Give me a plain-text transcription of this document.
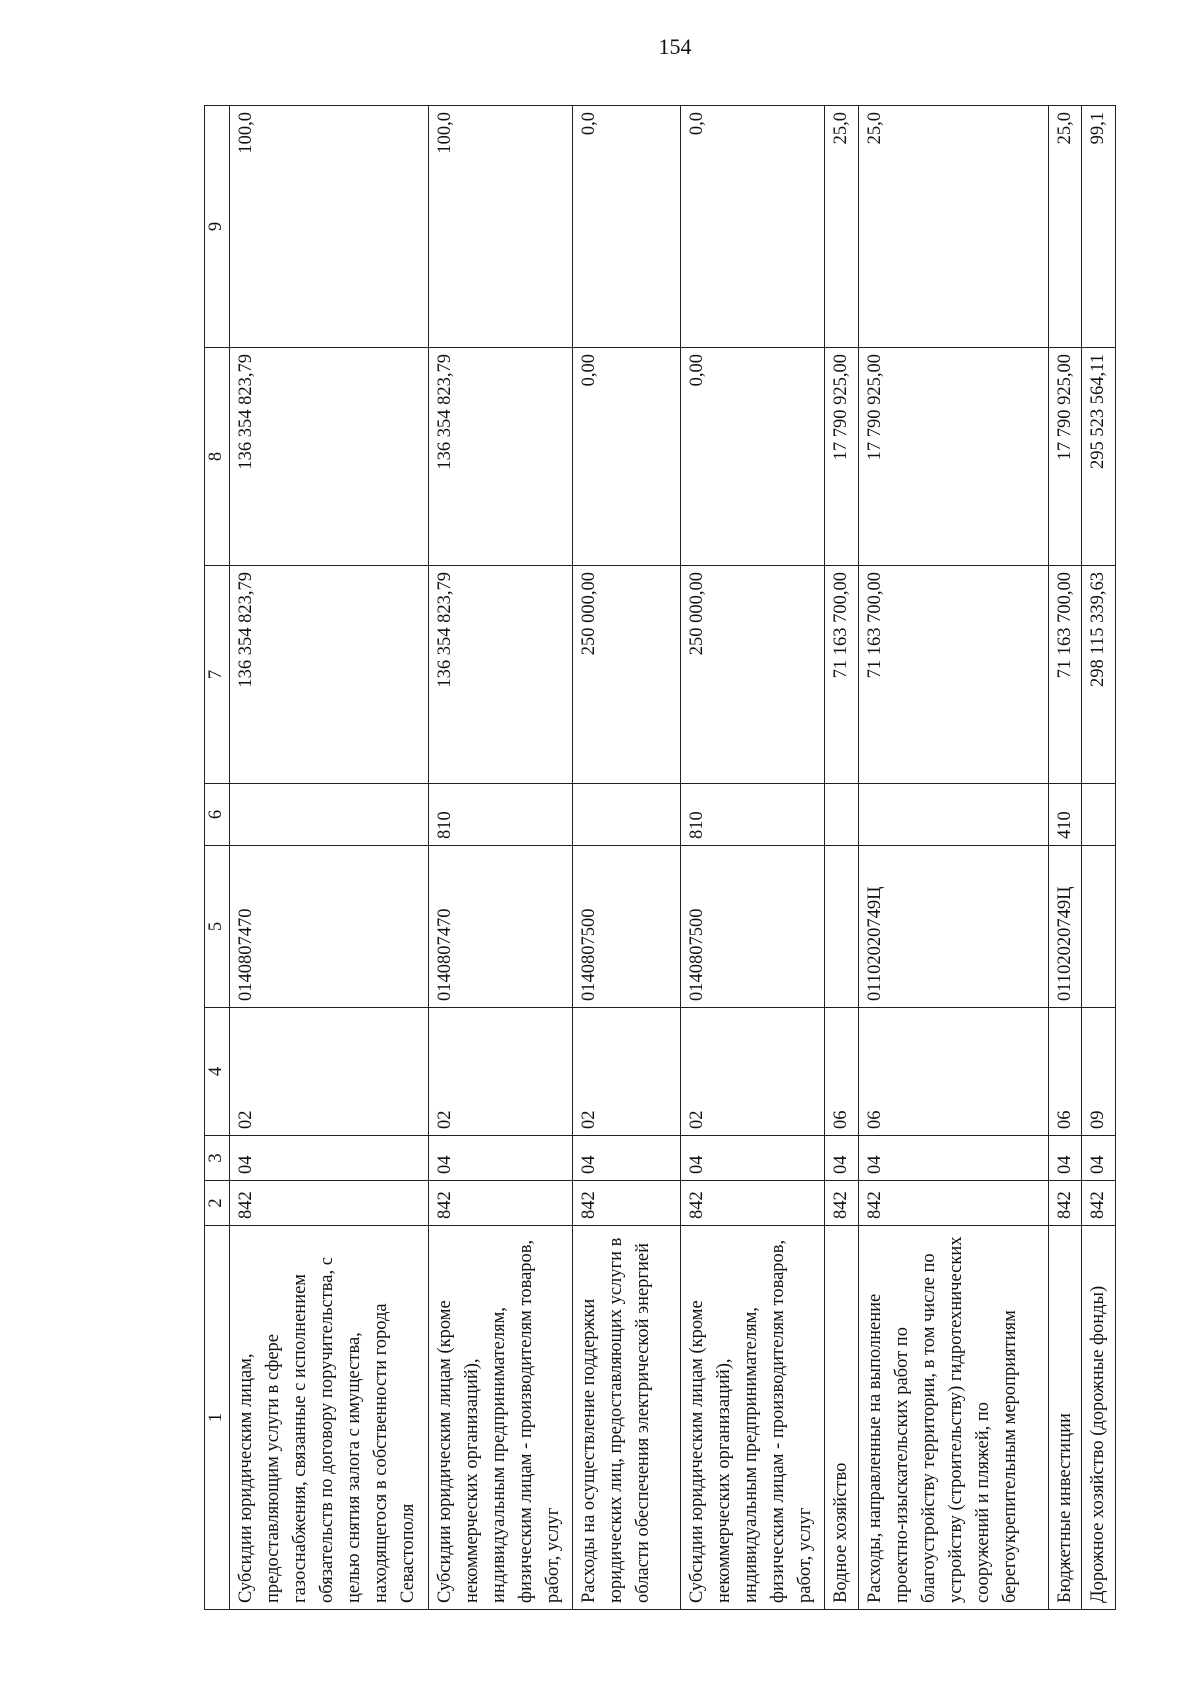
154
1	2	3	4	5	6	7	8	9
Субсидии юридическим лицам, предоставляющим услуги в сфере газоснабжения, связанные с исполнением обязательств по договору поручительства, с целью снятия залога с имущества, находящегося в собственности города Севастополя	842	04	02	0140807470		136 354 823,79	136 354 823,79	100,0
Субсидии юридическим лицам (кроме некоммерческих организаций), индивидуальным предпринимателям, физическим лицам - производителям товаров, работ, услуг	842	04	02	0140807470	810	136 354 823,79	136 354 823,79	100,0
Расходы на осуществление поддержки юридических лиц, предоставляющих услуги в области обеспечения электрической энергией	842	04	02	0140807500		250 000,00	0,00	0,0
Субсидии юридическим лицам (кроме некоммерческих организаций), индивидуальным предпринимателям, физическим лицам - производителям товаров, работ, услуг	842	04	02	0140807500	810	250 000,00	0,00	0,0
Водное хозяйство	842	04	06			71 163 700,00	17 790 925,00	25,0
Расходы, направленные на выполнение проектно-изыскательских работ по благоустройству территории, в том числе по устройству (строительству) гидротехнических сооружений и пляжей, по берегоукрепительным мероприятиям	842	04	06	01102020749Ц		71 163 700,00	17 790 925,00	25,0
Бюджетные инвестиции	842	04	06	01102020749Ц	410	71 163 700,00	17 790 925,00	25,0
Дорожное хозяйство (дорожные фонды)	842	04	09			298 115 339,63	295 523 564,11	99,1
